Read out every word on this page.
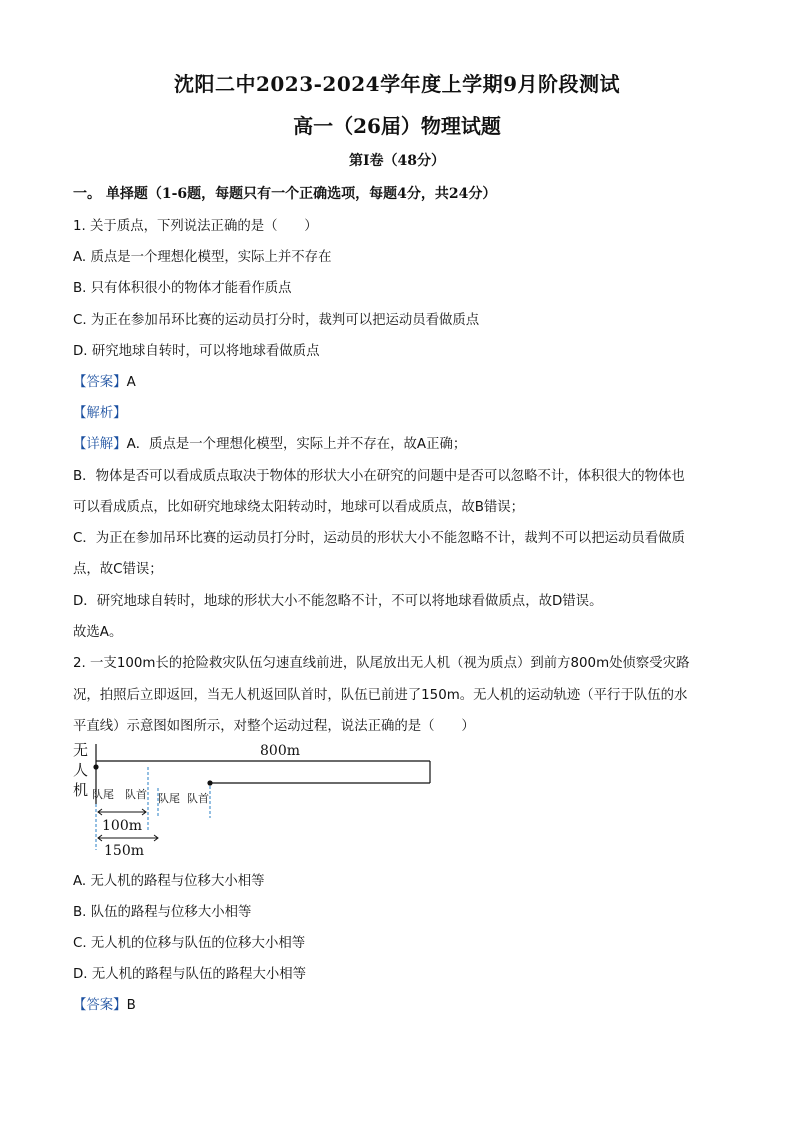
沈阳二中2023-2024学年度上学期9月阶段测试
高一（26届）物理试题
第I卷（48分）
一。 单择题（1-6题，每题只有一个正确选项，每题4分，共24分）
1. 关于质点，下列说法正确的是（　　）
A. 质点是一个理想化模型，实际上并不存在
B. 只有体积很小的物体才能看作质点
C. 为正在参加吊环比赛的运动员打分时，裁判可以把运动员看做质点
D. 研究地球自转时，可以将地球看做质点
【答案】A
【解析】
【详解】A．质点是一个理想化模型，实际上并不存在，故A正确；
B．物体是否可以看成质点取决于物体的形状大小在研究的问题中是否可以忽略不计，体积很大的物体也
可以看成质点，比如研究地球绕太阳转动时，地球可以看成质点，故B错误；
C．为正在参加吊环比赛的运动员打分时，运动员的形状大小不能忽略不计，裁判不可以把运动员看做质
点，故C错误；
D．研究地球自转时，地球的形状大小不能忽略不计，不可以将地球看做质点，故D错误。
故选A。
2. 一支100m长的抢险救灾队伍匀速直线前进，队尾放出无人机（视为质点）到前方800m处侦察受灾路
况，拍照后立即返回，当无人机返回队首时，队伍已前进了150m。无人机的运动轨迹（平行于队伍的水
平直线）示意图如图所示，对整个运动过程，说法正确的是（　　）
无
人
机
800m
队尾 队首 队尾 队首
100m
150m
A. 无人机的路程与位移大小相等
B. 队伍的路程与位移大小相等
C. 无人机的位移与队伍的位移大小相等
D. 无人机的路程与队伍的路程大小相等
【答案】B
